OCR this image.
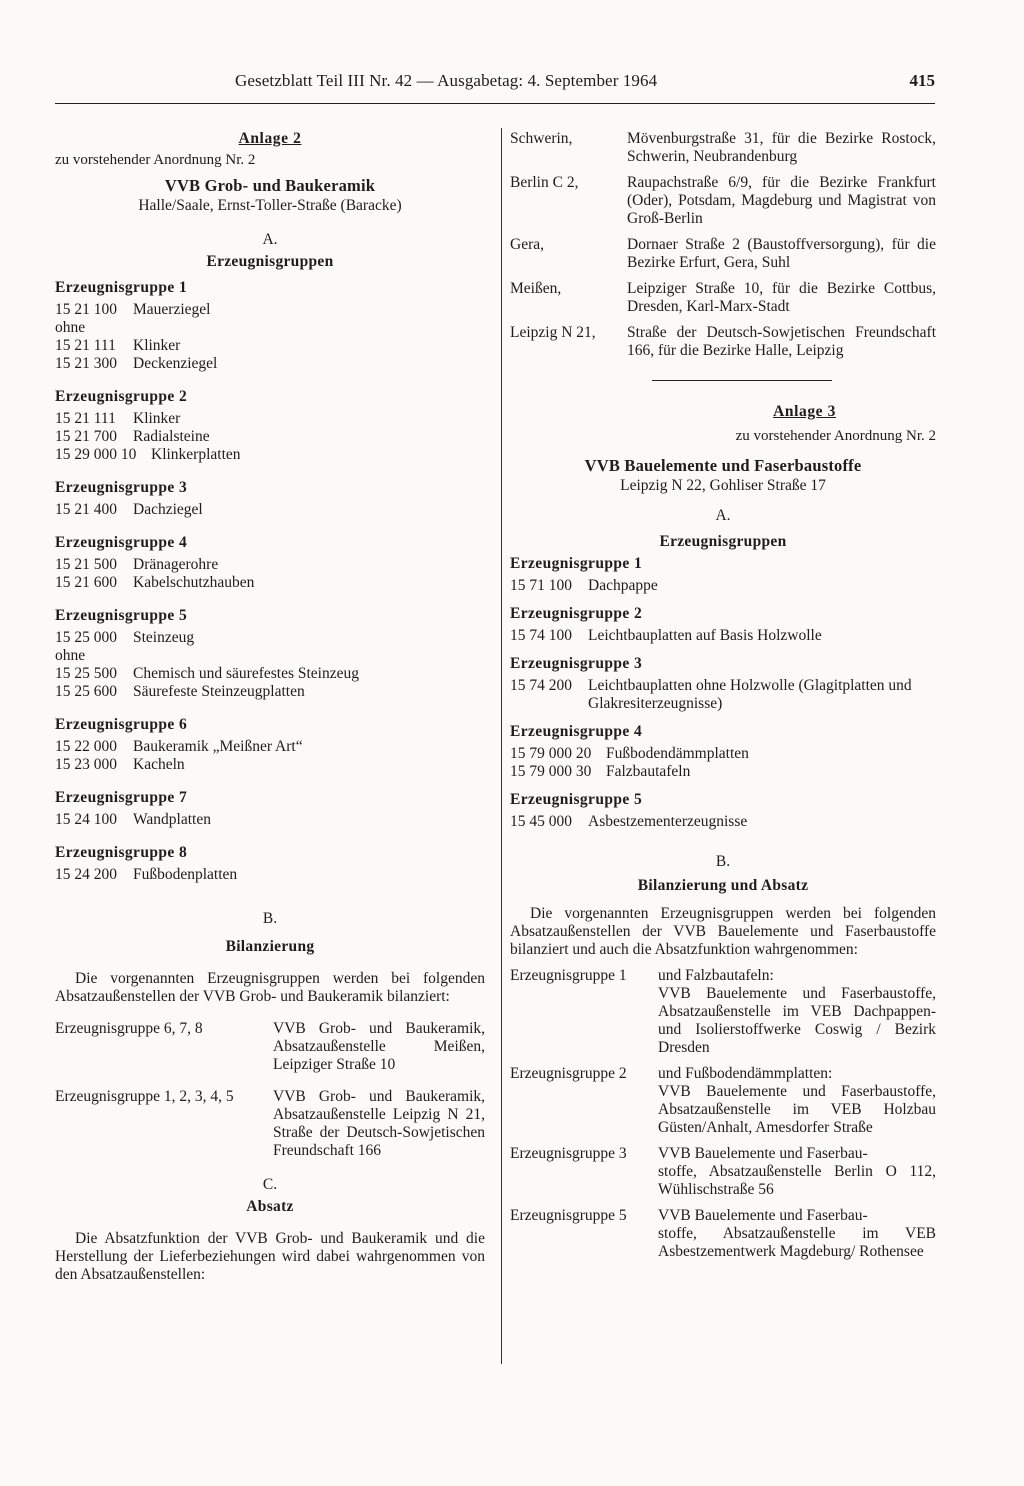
Gesetzblatt Teil III Nr. 42 — Ausgabetag: 4. September 1964	415
Anlage 2
zu vorstehender Anordnung Nr. 2
VVB Grob- und Baukeramik
Halle/Saale, Ernst-Toller-Straße (Baracke)
A.
Erzeugnisgruppen
Erzeugnisgruppe 1
15 21 100	Mauerziegel
ohne
15 21 111	Klinker
15 21 300	Deckenziegel
Erzeugnisgruppe 2
15 21 111	Klinker
15 21 700	Radialsteine
15 29 000 10 Klinkerplatten
Erzeugnisgruppe 3
15 21 400	Dachziegel
Erzeugnisgruppe 4
15 21 500	Dränagerohre
15 21 600	Kabelschutzhauben
Erzeugnisgruppe 5
15 25 000	Steinzeug
ohne
15 25 500	Chemisch und säurefestes Steinzeug
15 25 600	Säurefeste Steinzeugplatten
Erzeugnisgruppe 6
15 22 000	Baukeramik „Meißner Art“
15 23 000	Kacheln
Erzeugnisgruppe 7
15 24 100	Wandplatten
Erzeugnisgruppe 8
15 24 200	Fußbodenplatten
B.
Bilanzierung
Die vorgenannten Erzeugnisgruppen werden bei folgenden Absatzaußenstellen der VVB Grob- und Baukeramik bilanziert:
Erzeugnisgruppe 6, 7, 8	VVB Grob- und Baukeramik, Absatzaußenstelle Meißen, Leipziger Straße 10
Erzeugnisgruppe 1, 2, 3, 4, 5	VVB Grob- und Baukeramik, Absatzaußenstelle Leipzig N 21, Straße der Deutsch-Sowjetischen Freundschaft 166
C.
Absatz
Die Absatzfunktion der VVB Grob- und Baukeramik und die Herstellung der Lieferbeziehungen wird dabei wahrgenommen von den Absatzaußenstellen:
Schwerin,	Mövenburgstraße 31, für die Bezirke Rostock, Schwerin, Neubrandenburg
Berlin C 2,	Raupachstraße 6/9, für die Bezirke Frankfurt (Oder), Potsdam, Magdeburg und Magistrat von Groß-Berlin
Gera,	Dornaer Straße 2 (Baustoffversorgung), für die Bezirke Erfurt, Gera, Suhl
Meißen,	Leipziger Straße 10, für die Bezirke Cottbus, Dresden, Karl-Marx-Stadt
Leipzig N 21,	Straße der Deutsch-Sowjetischen Freundschaft 166, für die Bezirke Halle, Leipzig
Anlage 3
zu vorstehender Anordnung Nr. 2
VVB Bauelemente und Faserbaustoffe
Leipzig N 22, Gohliser Straße 17
A.
Erzeugnisgruppen
Erzeugnisgruppe 1
15 71 100	Dachpappe
Erzeugnisgruppe 2
15 74 100	Leichtbauplatten auf Basis Holzwolle
Erzeugnisgruppe 3
15 74 200	Leichtbauplatten ohne Holzwolle (Glagitplatten und Glakresiterzeugnisse)
Erzeugnisgruppe 4
15 79 000 20 Fußbodendämmplatten
15 79 000 30 Falzbautafeln
Erzeugnisgruppe 5
15 45 000	Asbestzementerzeugnisse
B.
Bilanzierung und Absatz
Die vorgenannten Erzeugnisgruppen werden bei folgenden Absatzaußenstellen der VVB Bauelemente und Faserbaustoffe bilanziert und auch die Absatzfunktion wahrgenommen:
Erzeugnisgruppe 1	und Falzbautafeln:
VVB Bauelemente und Faserbaustoffe, Absatzaußenstelle im VEB Dachpappen- und Isolierstoffwerke Coswig / Bezirk Dresden
Erzeugnisgruppe 2	und Fußbodendämmplatten:
VVB Bauelemente und Faserbaustoffe, Absatzaußenstelle im VEB Holzbau Güsten/Anhalt, Amesdorfer Straße
Erzeugnisgruppe 3	VVB Bauelemente und Faserbau-
stoffe, Absatzaußenstelle Berlin O 112, Wühlischstraße 56
Erzeugnisgruppe 5	VVB Bauelemente und Faserbau-
stoffe, Absatzaußenstelle im VEB Asbestzementwerk Magdeburg/ Rothensee
